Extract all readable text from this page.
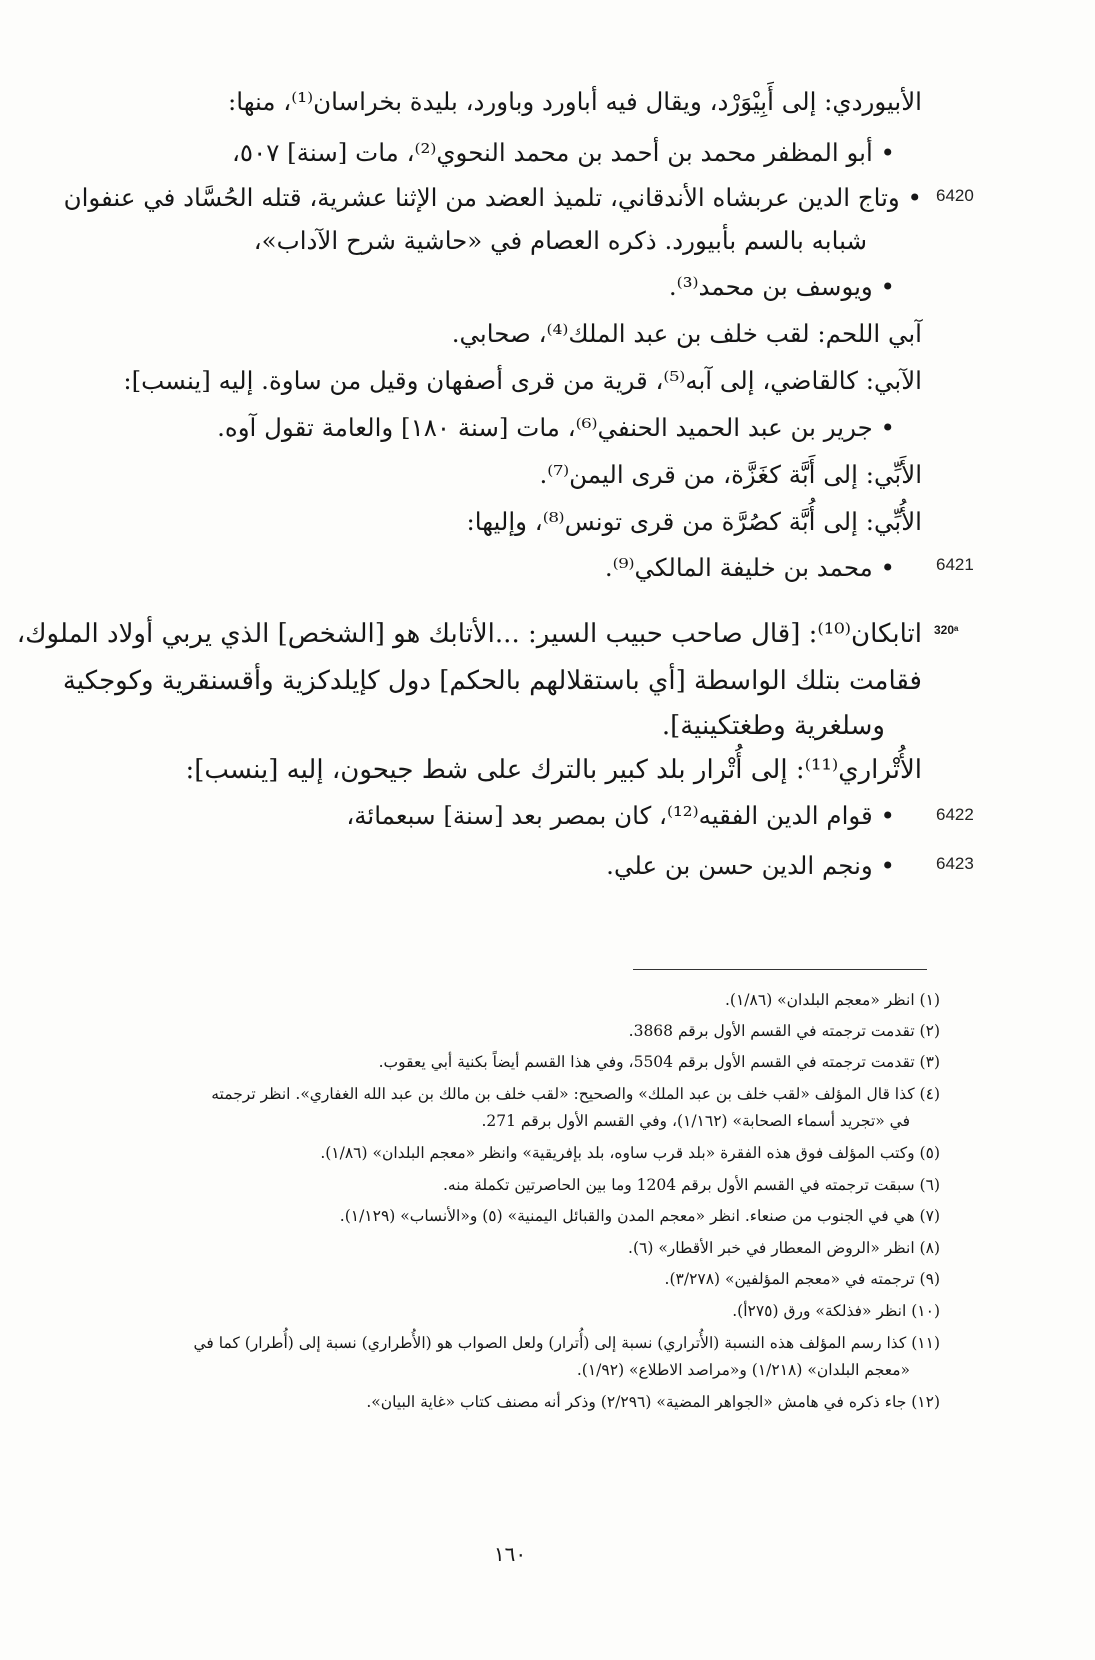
الأبيوردي: إلى أَبِيْوَرْد، ويقال فيه أباورد وباورد، بليدة بخراسان⁽¹⁾، منها:
• أبو المظفر محمد بن أحمد بن محمد النحوي⁽²⁾، مات [سنة] ٥٠٧،
6420
• وتاج الدين عربشاه الأندقاني، تلميذ العضد من الإثنا عشرية، قتله الحُسَّاد في عنفوان
شبابه بالسم بأبيورد. ذكره العصام في «حاشية شرح الآداب»،
• ويوسف بن محمد⁽³⁾.
آبي اللحم: لقب خلف بن عبد الملك⁽⁴⁾، صحابي.
الآبي: كالقاضي، إلى آبه⁽⁵⁾، قرية من قرى أصفهان وقيل من ساوة. إليه [ينسب]:
• جرير بن عبد الحميد الحنفي⁽⁶⁾، مات [سنة ١٨٠] والعامة تقول آوه.
الأَبِّي: إلى أَبَّة كغَزَّة، من قرى اليمن⁽⁷⁾.
الأُبِّي: إلى أُبَّة كصُرَّة من قرى تونس⁽⁸⁾، وإليها:
6421
• محمد بن خليفة المالكي⁽⁹⁾.
320ᵃ
اتابكان⁽¹⁰⁾: [قال صاحب حبيب السير: ...الأتابك هو [الشخص] الذي يربي أولاد الملوك،
فقامت بتلك الواسطة [أي باستقلالهم بالحكم] دول كإيلدكزية وأقسنقرية وكوجكية
وسلغرية وطغتكينية].
الأُتْراري⁽¹¹⁾: إلى أُتْرار بلد كبير بالترك على شط جيحون، إليه [ينسب]:
6422
• قوام الدين الفقيه⁽¹²⁾، كان بمصر بعد [سنة] سبعمائة،
6423
• ونجم الدين حسن بن علي.
(١) انظر «معجم البلدان» (١/٨٦).
(٢) تقدمت ترجمته في القسم الأول برقم 3868.
(٣) تقدمت ترجمته في القسم الأول برقم 5504، وفي هذا القسم أيضاً بكنية أبي يعقوب.
(٤) كذا قال المؤلف «لقب خلف بن عبد الملك» والصحيح: «لقب خلف بن مالك بن عبد الله الغفاري». انظر ترجمته
في «تجريد أسماء الصحابة» (١/١٦٢)، وفي القسم الأول برقم 271.
(٥) وكتب المؤلف فوق هذه الفقرة «بلد قرب ساوه، بلد بإفريقية» وانظر «معجم البلدان» (١/٨٦).
(٦) سبقت ترجمته في القسم الأول برقم 1204 وما بين الحاصرتين تكملة منه.
(٧) هي في الجنوب من صنعاء. انظر «معجم المدن والقبائل اليمنية» (٥) و«الأنساب» (١/١٢٩).
(٨) انظر «الروض المعطار في خبر الأقطار» (٦).
(٩) ترجمته في «معجم المؤلفين» (٣/٢٧٨).
(١٠) انظر «فذلكة» ورق (٢٧٥أ).
(١١) كذا رسم المؤلف هذه النسبة (الأُتراري) نسبة إلى (أُترار) ولعل الصواب هو (الأُطراري) نسبة إلى (أُطرار) كما في
«معجم البلدان» (١/٢١٨) و«مراصد الاطلاع» (١/٩٢).
(١٢) جاء ذكره في هامش «الجواهر المضية» (٢/٢٩٦) وذكر أنه مصنف كتاب «غاية البيان».
١٦٠
